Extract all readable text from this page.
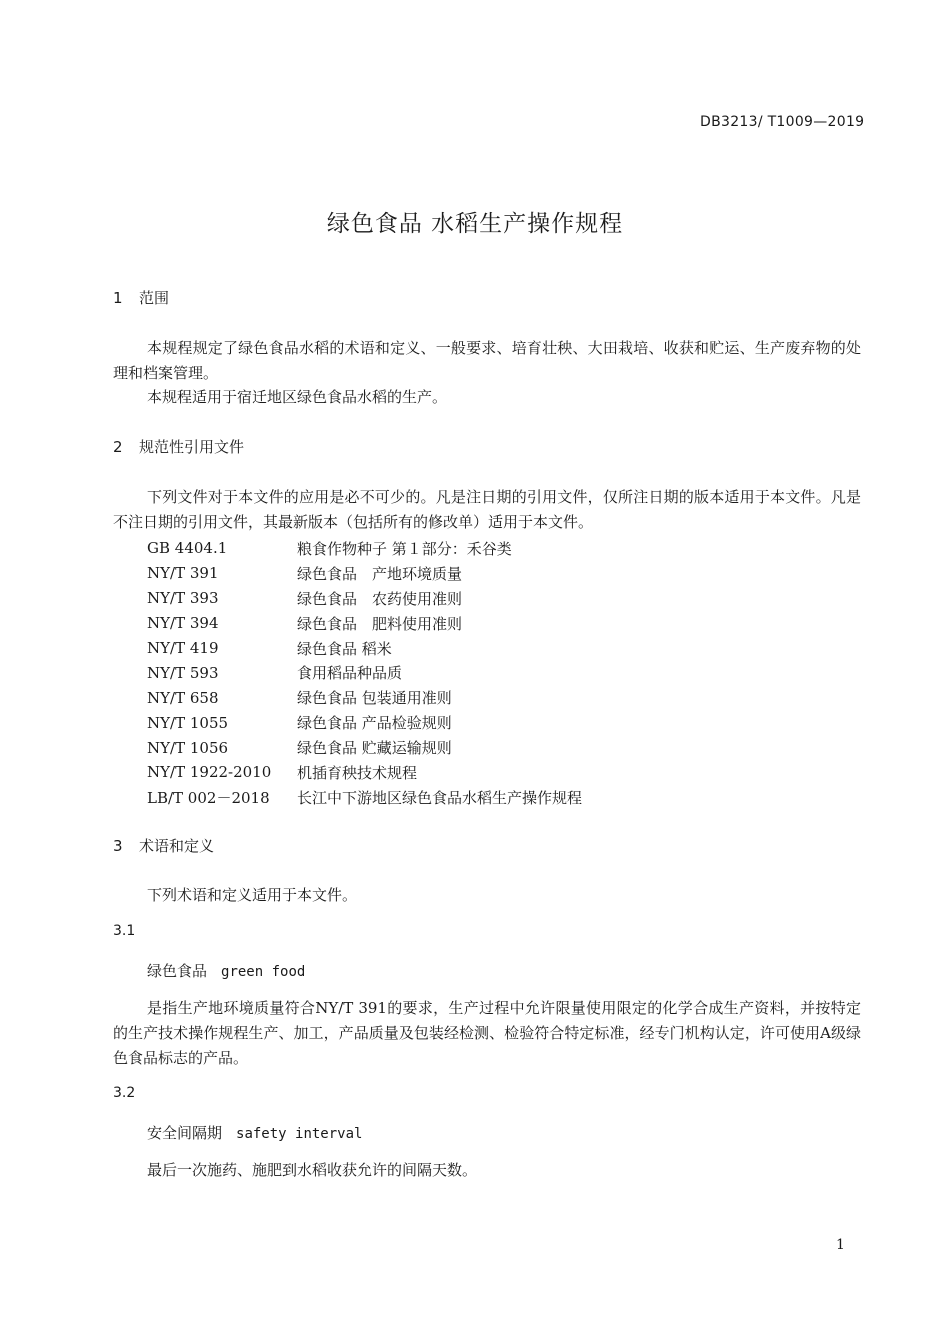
DB3213/ T1009—2019
绿色食品 水稻生产操作规程
1 范围
本规程规定了绿色食品水稻的术语和定义、一般要求、培育壮秧、大田栽培、收获和贮运、生产废弃物的处理和档案管理。
本规程适用于宿迁地区绿色食品水稻的生产。
2 规范性引用文件
下列文件对于本文件的应用是必不可少的。凡是注日期的引用文件，仅所注日期的版本适用于本文件。凡是不注日期的引用文件，其最新版本（包括所有的修改单）适用于本文件。
GB 4404.1	粮食作物种子 第１部分：禾谷类
NY/T 391	绿色食品　产地环境质量
NY/T 393	绿色食品　农药使用准则
NY/T 394	绿色食品　肥料使用准则
NY/T 419	绿色食品 稻米
NY/T 593	食用稻品种品质
NY/T 658	绿色食品 包装通用准则
NY/T 1055	绿色食品 产品检验规则
NY/T 1056	绿色食品 贮藏运输规则
NY/T 1922-2010	机插育秧技术规程
LB/T 002－2018	长江中下游地区绿色食品水稻生产操作规程
3 术语和定义
下列术语和定义适用于本文件。
3.1
绿色食品 green food
是指生产地环境质量符合NY/T 391的要求，生产过程中允许限量使用限定的化学合成生产资料，并按特定的生产技术操作规程生产、加工，产品质量及包装经检测、检验符合特定标准，经专门机构认定，许可使用A级绿色食品标志的产品。
3.2
安全间隔期 safety interval
最后一次施药、施肥到水稻收获允许的间隔天数。
1
